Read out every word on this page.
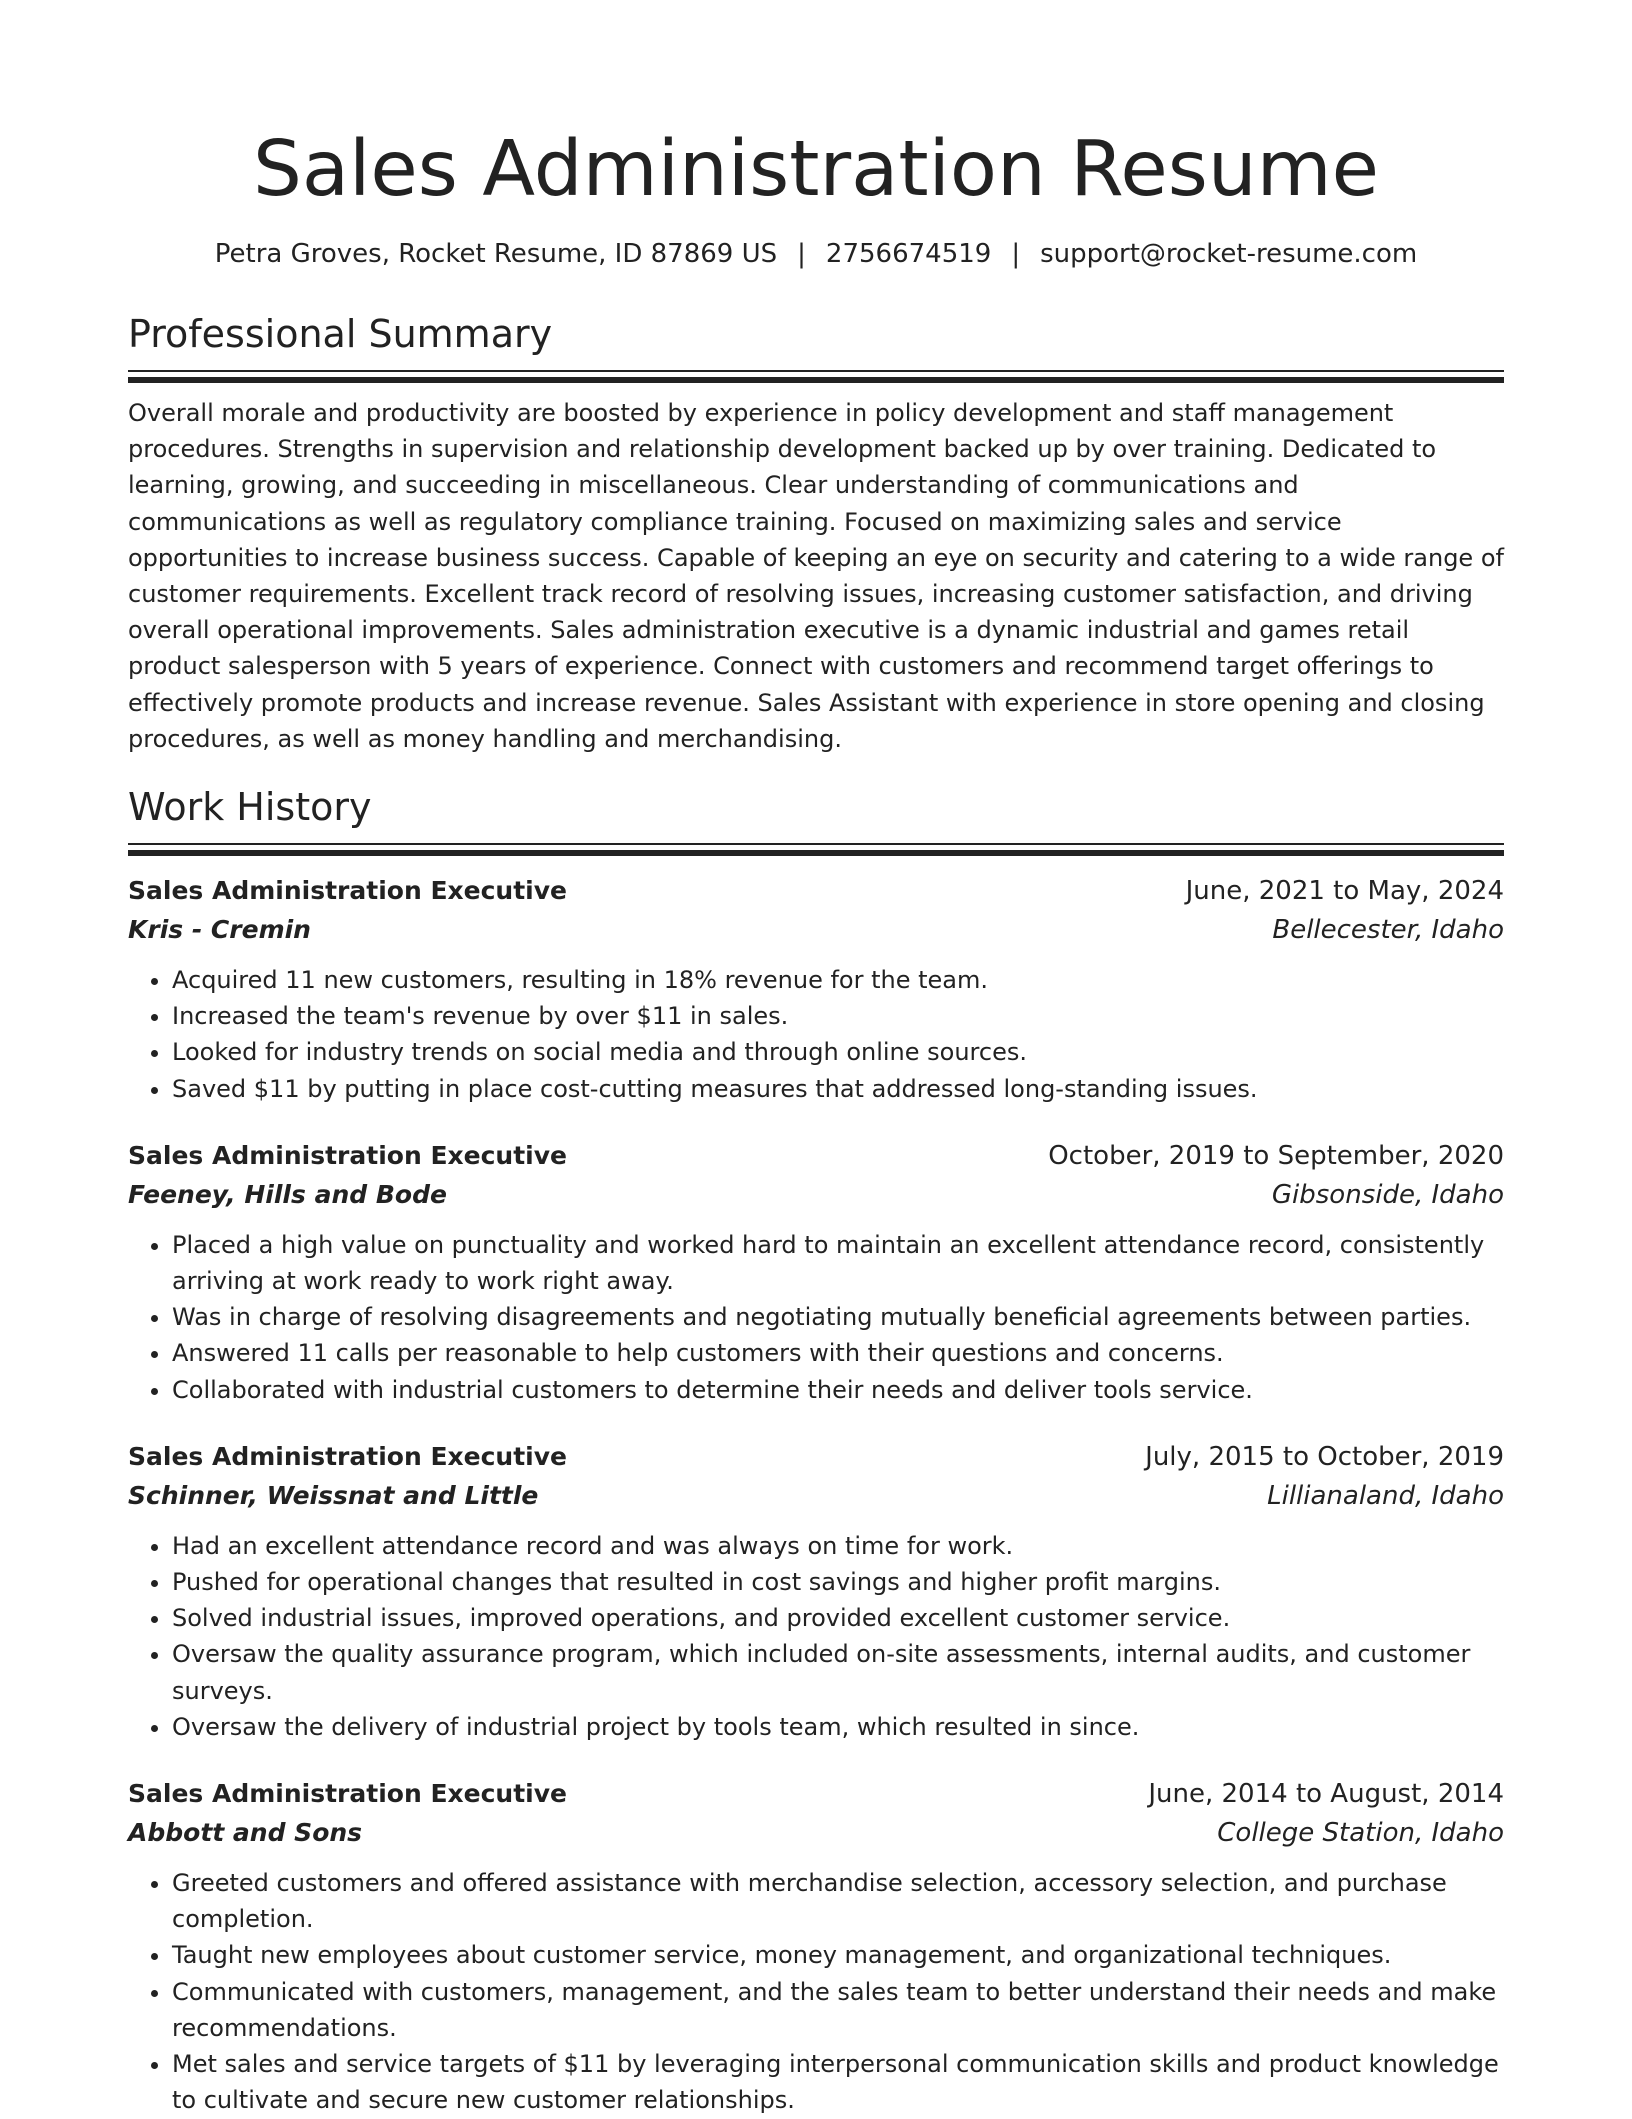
Sales Administration Resume
Petra Groves, Rocket Resume, ID 87869 US | 2756674519 | support@rocket-resume.com
Professional Summary

Overall morale and productivity are boosted by experience in policy development and staff management procedures. Strengths in supervision and relationship development backed up by over training. Dedicated to learning, growing, and succeeding in miscellaneous. Clear understanding of communications and communications as well as regulatory compliance training. Focused on maximizing sales and service opportunities to increase business success. Capable of keeping an eye on security and catering to a wide range of customer requirements. Excellent track record of resolving issues, increasing customer satisfaction, and driving overall operational improvements. Sales administration executive is a dynamic industrial and games retail product salesperson with 5 years of experience. Connect with customers and recommend target offerings to effectively promote products and increase revenue. Sales Assistant with experience in store opening and closing procedures, as well as money handling and merchandising.

Work History
Sales Administration Executive	June, 2021 to May, 2024
Kris - Cremin	Bellecester, Idaho
• Acquired 11 new customers, resulting in 18% revenue for the team.
• Increased the team's revenue by over $11 in sales.
• Looked for industry trends on social media and through online sources.
• Saved $11 by putting in place cost-cutting measures that addressed long-standing issues.
Sales Administration Executive	October, 2019 to September, 2020
Feeney, Hills and Bode	Gibsonside, Idaho
• Placed a high value on punctuality and worked hard to maintain an excellent attendance record, consistently arriving at work ready to work right away.
• Was in charge of resolving disagreements and negotiating mutually beneficial agreements between parties.
• Answered 11 calls per reasonable to help customers with their questions and concerns.
• Collaborated with industrial customers to determine their needs and deliver tools service.
Sales Administration Executive	July, 2015 to October, 2019
Schinner, Weissnat and Little	Lillianaland, Idaho
• Had an excellent attendance record and was always on time for work.
• Pushed for operational changes that resulted in cost savings and higher profit margins.
• Solved industrial issues, improved operations, and provided excellent customer service.
• Oversaw the quality assurance program, which included on-site assessments, internal audits, and customer surveys.
• Oversaw the delivery of industrial project by tools team, which resulted in since.
Sales Administration Executive	June, 2014 to August, 2014
Abbott and Sons	College Station, Idaho
• Greeted customers and offered assistance with merchandise selection, accessory selection, and purchase completion.
• Taught new employees about customer service, money management, and organizational techniques.
• Communicated with customers, management, and the sales team to better understand their needs and make recommendations.
• Met sales and service targets of $11 by leveraging interpersonal communication skills and product knowledge to cultivate and secure new customer relationships.
